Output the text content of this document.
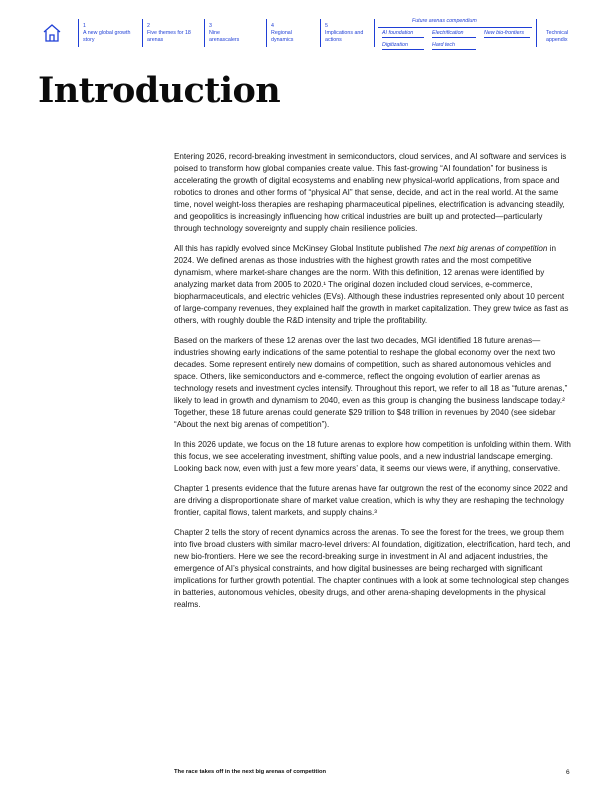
1
A new global growth story
2
Five themes for 18 arenas
3
Nine arenascalers
4
Regional dynamics
5
Implications and actions
Future arenas compendium
AI foundation	Electrification	New bio-frontiers
Digitization	Hard tech
Technical appendix
Introduction

Entering 2026, record-breaking investment in semiconductors, cloud services, and AI software and services is poised to transform how global companies create value. This fast-growing “AI foundation” for business is accelerating the growth of digital ecosystems and enabling new physical-world applications, from space and robotics to drones and other forms of “physical AI” that sense, decide, and act in the real world. At the same time, novel weight-loss therapies are reshaping pharmaceutical pipelines, electrification is advancing steadily, and geopolitics is increasingly influencing how critical industries are built up and protected—particularly through technology sovereignty and supply chain resilience policies.

All this has rapidly evolved since McKinsey Global Institute published The next big arenas of competition in 2024. We defined arenas as those industries with the highest growth rates and the most competitive dynamism, where market-share changes are the norm. With this definition, 12 arenas were identified by analyzing market data from 2005 to 2020.¹ The original dozen included cloud services, e-commerce, biopharmaceuticals, and electric vehicles (EVs). Although these industries represented only about 10 percent of large-company revenues, they explained half the growth in market capitalization. They grew twice as fast as others, with roughly double the R&D intensity and triple the profitability.

Based on the markers of these 12 arenas over the last two decades, MGI identified 18 future arenas—industries showing early indications of the same potential to reshape the global economy over the next two decades. Some represent entirely new domains of competition, such as shared autonomous vehicles and space. Others, like semiconductors and e-commerce, reflect the ongoing evolution of earlier arenas as technology resets and investment cycles intensify. Throughout this report, we refer to all 18 as “future arenas,” likely to lead in growth and dynamism to 2040, even as this group is changing the business landscape today.² Together, these 18 future arenas could generate $29 trillion to $48 trillion in revenues by 2040 (see sidebar “About the next big arenas of competition”).

In this 2026 update, we focus on the 18 future arenas to explore how competition is unfolding within them. With this focus, we see accelerating investment, shifting value pools, and a new industrial landscape emerging. Looking back now, even with just a few more years’ data, it seems our views were, if anything, conservative.

Chapter 1 presents evidence that the future arenas have far outgrown the rest of the economy since 2022 and are driving a disproportionate share of market value creation, which is why they are reshaping the technology frontier, capital flows, talent markets, and supply chains.³

Chapter 2 tells the story of recent dynamics across the arenas. To see the forest for the trees, we group them into five broad clusters with similar macro-level drivers: AI foundation, digitization, electrification, hard tech, and new bio-frontiers. Here we see the record-breaking surge in investment in AI and adjacent industries, the emergence of AI’s physical constraints, and how digital businesses are being recharged with significant implications for further growth potential. The chapter continues with a look at some technological step changes in batteries, autonomous vehicles, obesity drugs, and other arena-shaping developments in the physical realms.

The race takes off in the next big arenas of competition	6
